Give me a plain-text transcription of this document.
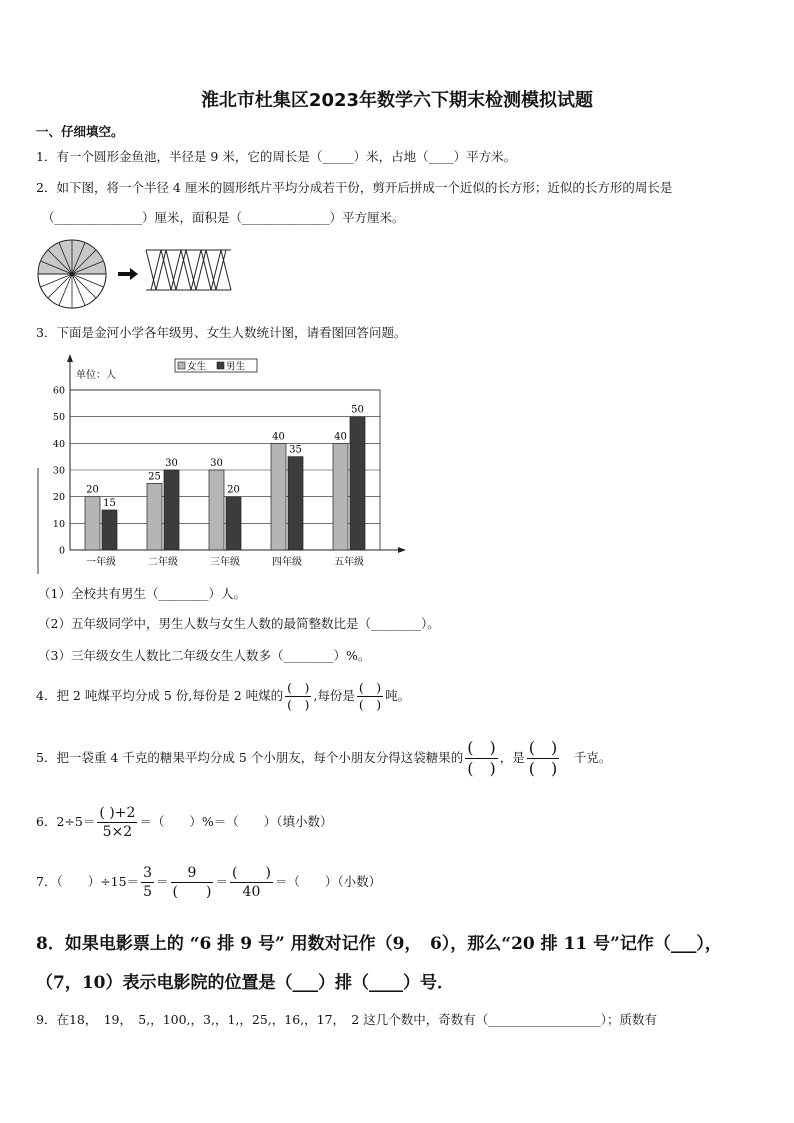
淮北市杜集区2023年数学六下期末检测模拟试题
一、仔细填空。
1．有一个圆形金鱼池，半径是 9 米，它的周长是（_____）米，占地（____）平方米。
2．如下图，将一个半径 4 厘米的圆形纸片平均分成若干份，剪开后拼成一个近似的长方形；近似的长方形的周长是
（______________）厘米，面积是（______________）平方厘米。
3．下面是金河小学各年级男、女生人数统计图，请看图回答问题。
单位：人
女生 男生
0
10
20
30
40
50
60
一年级
20
15
二年级
25
30
三年级
30
20
四年级
40
35
五年级
40
50
（1）全校共有男生（________）人。
（2）五年级同学中，男生人数与女生人数的最简整数比是（________）。
（3）三年级女生人数比二年级女生人数多（________）%。
4．把 2 吨煤平均分成 5 份,每份是 2 吨煤的 $\frac{( )}{( )}$ ,每份是 $\frac{( )}{( )}$ 吨。
5．把一袋重 4 千克的糖果平均分成 5 个小朋友，每个小朋友分得这袋糖果的 $\frac{( )}{( )}$ ，是 $\frac{( )}{( )}$
　 千克。
6．$2\div 5= \frac{( )+2}{5\times 2}$ ＝（　　）%＝（　　）（填小数）
7．（　　）$\div 15= \frac{3}{5} = \frac{9}{( )} = \frac{( )}{40}$ ＝（　　）（小数）
8．如果电影票上的 “6 排 9 号” 用数对记作（9，　6），那么“20 排 11 号”记作（___），
（7，10）表示电影院的位置是（___）排（____）号．
9．在18，　19，　5,，100,，3,，1,，25,，16,，17，　2 这几个数中，奇数有（__________________）；质数有
